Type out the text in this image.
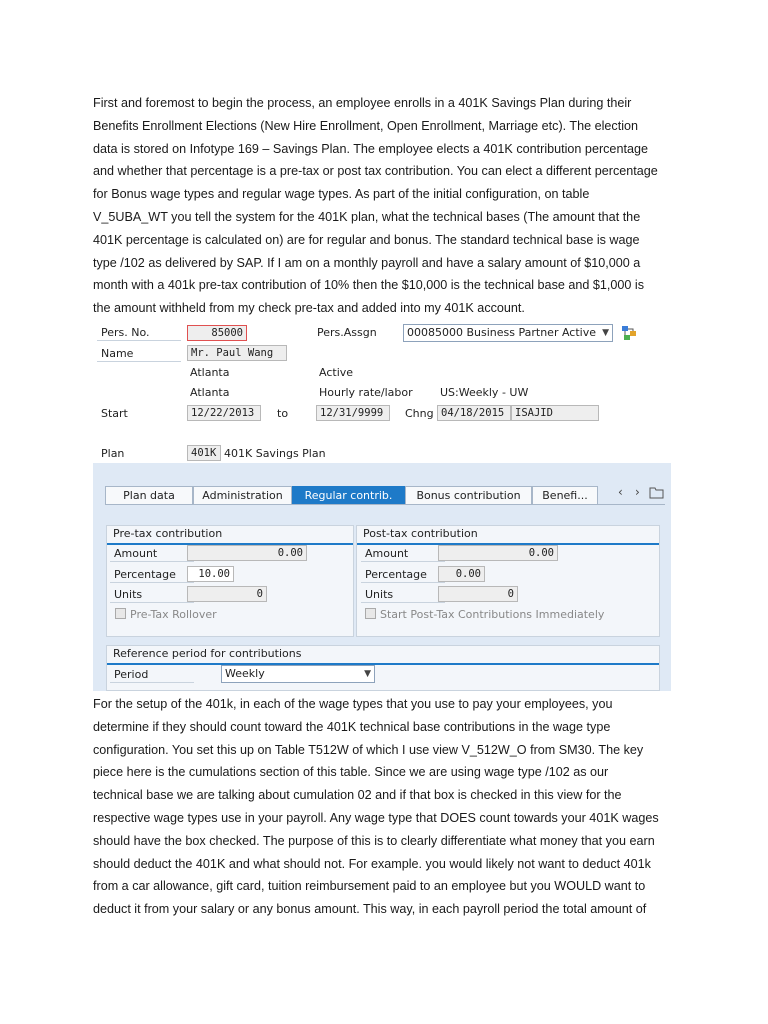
First and foremost to begin the process, an employee enrolls in a 401K Savings Plan during their
Benefits Enrollment Elections (New Hire Enrollment, Open Enrollment, Marriage etc). The election
data is stored on Infotype 169 – Savings Plan. The employee elects a 401K contribution percentage
and whether that percentage is a pre-tax or post tax contribution. You can elect a different percentage
for Bonus wage types and regular wage types. As part of the initial configuration, on table
V_5UBA_WT you tell the system for the 401K plan, what the technical bases (The amount that the
401K percentage is calculated on) are for regular and bonus. The standard technical base is wage
type /102 as delivered by SAP. If I am on a monthly payroll and have a salary amount of $10,000 a
month with a 401k pre-tax contribution of 10% then the $10,000 is the technical base and $1,000 is
the amount withheld from my check pre-tax and added into my 401K account.
Pers. No.	85000	Pers.Assgn	00085000 Business Partner Active ▼
Name	Mr. Paul Wang
Atlanta	Active
Atlanta	Hourly rate/labor US:Weekly - UW
Start	12/22/2013	to	12/31/9999	Chng 04/18/2015	ISAJID
Plan	401K 401K Savings Plan
Plan data	Administration	Regular contrib.	Bonus contribution	Benefi...	‹ ›
Pre-tax contribution
Amount	0.00
Percentage	10.00
Units	0
Pre-Tax Rollover
Post-tax contribution
Amount	0.00
Percentage	0.00
Units	0
Start Post-Tax Contributions Immediately
Reference period for contributions
Period	Weekly	▼
For the setup of the 401k, in each of the wage types that you use to pay your employees, you
determine if they should count toward the 401K technical base contributions in the wage type
configuration. You set this up on Table T512W of which I use view V_512W_O from SM30. The key
piece here is the cumulations section of this table. Since we are using wage type /102 as our
technical base we are talking about cumulation 02 and if that box is checked in this view for the
respective wage types use in your payroll. Any wage type that DOES count towards your 401K wages
should have the box checked. The purpose of this is to clearly differentiate what money that you earn
should deduct the 401K and what should not. For example. you would likely not want to deduct 401k
from a car allowance, gift card, tuition reimbursement paid to an employee but you WOULD want to
deduct it from your salary or any bonus amount. This way, in each payroll period the total amount of
